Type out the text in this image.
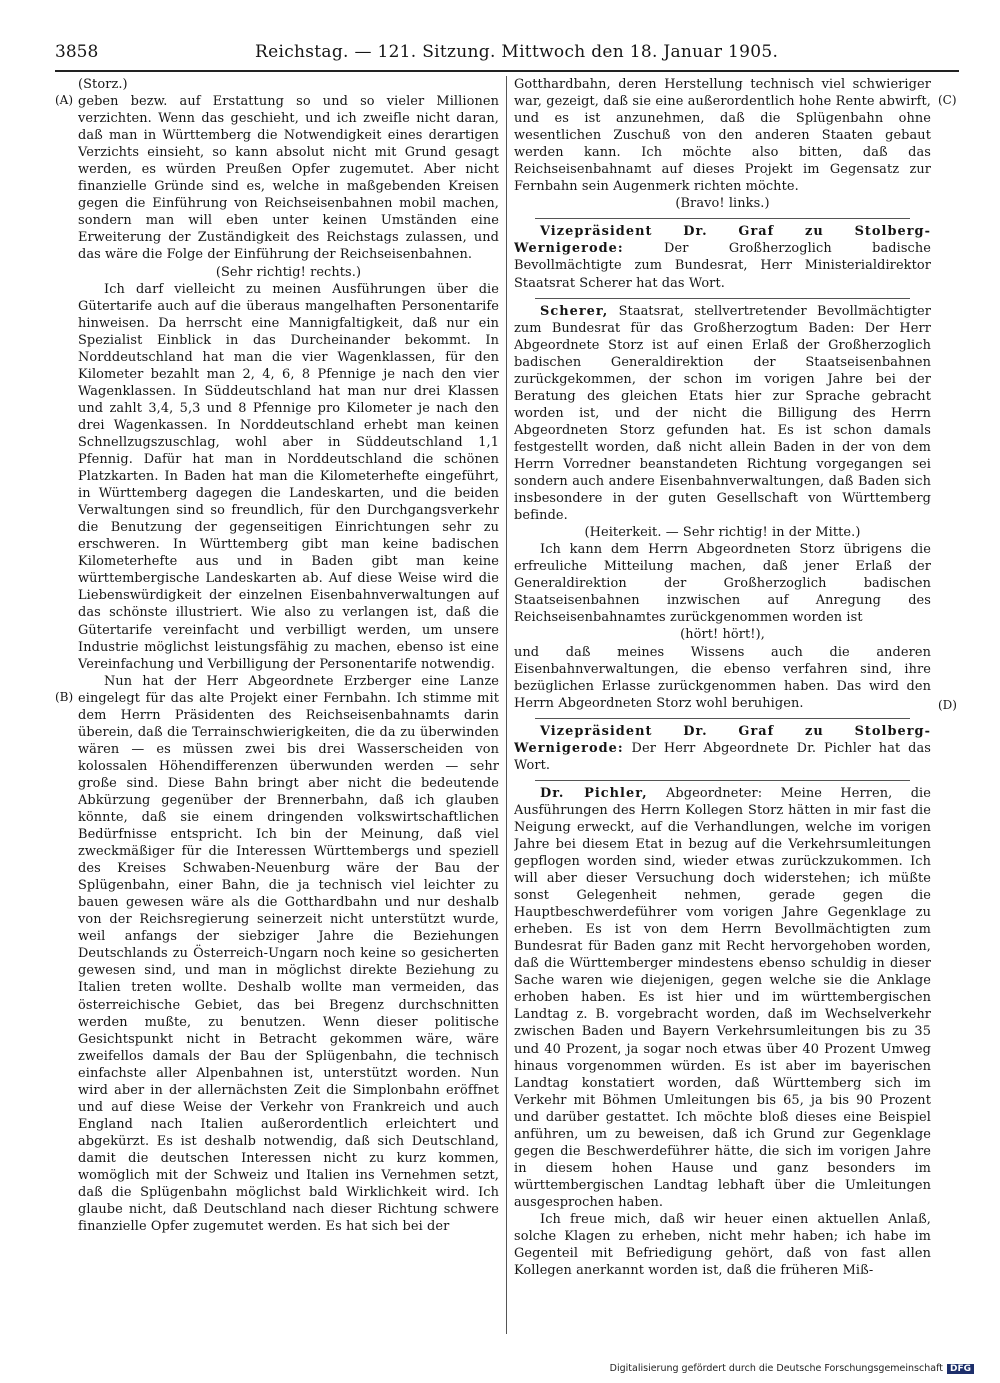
3858	Reichstag. — 121. Sitzung. Mittwoch den 18. Januar 1905.
(A)
(B)
(C)
(D)

(Storz.)

geben bezw. auf Erstattung so und so vieler Millionen verzichten. Wenn das geschieht, und ich zweifle nicht daran, daß man in Württemberg die Notwendigkeit eines derartigen Verzichts einsieht, so kann absolut nicht mit Grund gesagt werden, es würden Preußen Opfer zugemutet. Aber nicht finanzielle Gründe sind es, welche in maßgebenden Kreisen gegen die Einführung von Reichseisenbahnen mobil machen, sondern man will eben unter keinen Umständen eine Erweiterung der Zuständigkeit des Reichstags zulassen, und das wäre die Folge der Einführung der Reichseisenbahnen.

(Sehr richtig! rechts.)

Ich darf vielleicht zu meinen Ausführungen über die Gütertarife auch auf die überaus mangelhaften Personentarife hinweisen. Da herrscht eine Mannigfaltigkeit, daß nur ein Spezialist Einblick in das Durcheinander bekommt. In Norddeutschland hat man die vier Wagenklassen, für den Kilometer bezahlt man 2, 4, 6, 8 Pfennige je nach den vier Wagenklassen. In Süddeutschland hat man nur drei Klassen und zahlt 3,4, 5,3 und 8 Pfennige pro Kilometer je nach den drei Wagenkassen. In Norddeutschland erhebt man keinen Schnellzugszuschlag, wohl aber in Süddeutschland 1,1 Pfennig. Dafür hat man in Norddeutschland die schönen Platzkarten. In Baden hat man die Kilometerhefte eingeführt, in Württemberg dagegen die Landeskarten, und die beiden Verwaltungen sind so freundlich, für den Durchgangsverkehr die Benutzung der gegenseitigen Einrichtungen sehr zu erschweren. In Württemberg gibt man keine badischen Kilometerhefte aus und in Baden gibt man keine württembergische Landeskarten ab. Auf diese Weise wird die Liebenswürdigkeit der einzelnen Eisenbahnverwaltungen auf das schönste illustriert. Wie also zu verlangen ist, daß die Gütertarife vereinfacht und verbilligt werden, um unsere Industrie möglichst leistungsfähig zu machen, ebenso ist eine Vereinfachung und Verbilligung der Personentarife notwendig.

Nun hat der Herr Abgeordnete Erzberger eine Lanze eingelegt für das alte Projekt einer Fernbahn. Ich stimme mit dem Herrn Präsidenten des Reichseisenbahnamts darin überein, daß die Terrainschwierigkeiten, die da zu überwinden wären — es müssen zwei bis drei Wasserscheiden von kolossalen Höhendifferenzen überwunden werden — sehr große sind. Diese Bahn bringt aber nicht die bedeutende Abkürzung gegenüber der Brennerbahn, daß ich glauben könnte, daß sie einem dringenden volkswirtschaftlichen Bedürfnisse entspricht. Ich bin der Meinung, daß viel zweckmäßiger für die Interessen Württembergs und speziell des Kreises Schwaben-Neuenburg wäre der Bau der Splügenbahn, einer Bahn, die ja technisch viel leichter zu bauen gewesen wäre als die Gotthardbahn und nur deshalb von der Reichsregierung seinerzeit nicht unterstützt wurde, weil anfangs der siebziger Jahre die Beziehungen Deutschlands zu Österreich-Ungarn noch keine so gesicherten gewesen sind, und man in möglichst direkte Beziehung zu Italien treten wollte. Deshalb wollte man vermeiden, das österreichische Gebiet, das bei Bregenz durchschnitten werden mußte, zu benutzen. Wenn dieser politische Gesichtspunkt nicht in Betracht gekommen wäre, wäre zweifellos damals der Bau der Splügenbahn, die technisch einfachste aller Alpenbahnen ist, unterstützt worden. Nun wird aber in der allernächsten Zeit die Simplonbahn eröffnet und auf diese Weise der Verkehr von Frankreich und auch England nach Italien außerordentlich erleichtert und abgekürzt. Es ist deshalb notwendig, daß sich Deutschland, damit die deutschen Interessen nicht zu kurz kommen, womöglich mit der Schweiz und Italien ins Vernehmen setzt, daß die Splügenbahn möglichst bald Wirklichkeit wird. Ich glaube nicht, daß Deutschland nach dieser Richtung schwere finanzielle Opfer zugemutet werden. Es hat sich bei der

Gotthardbahn, deren Herstellung technisch viel schwieriger war, gezeigt, daß sie eine außerordentlich hohe Rente abwirft, und es ist anzunehmen, daß die Splügenbahn ohne wesentlichen Zuschuß von den anderen Staaten gebaut werden kann. Ich möchte also bitten, daß das Reichseisenbahnamt auf dieses Projekt im Gegensatz zur Fernbahn sein Augenmerk richten möchte.

(Bravo! links.)

Vizepräsident Dr. Graf zu Stolberg-Wernigerode:	Der Großherzoglich badische Bevollmächtigte zum Bundesrat, Herr Ministerialdirektor Staatsrat Scherer hat das Wort.

Scherer, Staatsrat, stellvertretender Bevollmächtigter zum Bundesrat für das Großherzogtum Baden: Der Herr Abgeordnete Storz ist auf einen Erlaß der Großherzoglich badischen Generaldirektion der Staatseisenbahnen zurückgekommen, der schon im vorigen Jahre bei der Beratung des gleichen Etats hier zur Sprache gebracht worden ist, und der nicht die Billigung des Herrn Abgeordneten Storz gefunden hat. Es ist schon damals festgestellt worden, daß nicht allein Baden in der von dem Herrn Vorredner beanstandeten Richtung vorgegangen sei sondern auch andere Eisenbahnverwaltungen, daß Baden sich insbesondere in der guten Gesellschaft von Württemberg befinde.

(Heiterkeit. — Sehr richtig! in der Mitte.)

Ich kann dem Herrn Abgeordneten Storz übrigens die erfreuliche Mitteilung machen, daß jener Erlaß der Generaldirektion der Großherzoglich badischen Staatseisenbahnen inzwischen auf Anregung des Reichseisenbahnamtes zurückgenommen worden ist

(hört! hört!),

und daß meines Wissens auch die anderen Eisenbahnverwaltungen, die ebenso verfahren sind, ihre bezüglichen Erlasse zurückgenommen haben. Das wird den Herrn Abgeordneten Storz wohl beruhigen.

Vizepräsident Dr. Graf zu Stolberg-Wernigerode: Der Herr Abgeordnete Dr. Pichler hat das Wort.

Dr. Pichler, Abgeordneter: Meine Herren, die Ausführungen des Herrn Kollegen Storz hätten in mir fast die Neigung erweckt, auf die Verhandlungen, welche im vorigen Jahre bei diesem Etat in bezug auf die Verkehrsumleitungen gepflogen worden sind, wieder etwas zurückzukommen. Ich will aber dieser Versuchung doch widerstehen; ich müßte sonst Gelegenheit nehmen, gerade gegen die Hauptbeschwerdeführer vom vorigen Jahre Gegenklage zu erheben. Es ist von dem Herrn Bevollmächtigten zum Bundesrat für Baden ganz mit Recht hervorgehoben worden, daß die Württemberger mindestens ebenso schuldig in dieser Sache waren wie diejenigen, gegen welche sie die Anklage erhoben haben. Es ist hier und im württembergischen Landtag z. B. vorgebracht worden, daß im Wechselverkehr zwischen Baden und Bayern Verkehrsumleitungen bis zu 35 und 40 Prozent, ja sogar noch etwas über 40 Prozent Umweg hinaus vorgenommen würden. Es ist aber im bayerischen Landtag konstatiert worden, daß Württemberg sich im Verkehr mit Böhmen Umleitungen bis 65, ja bis 90 Prozent und darüber gestattet. Ich möchte bloß dieses eine Beispiel anführen, um zu beweisen, daß ich Grund zur Gegenklage gegen die Beschwerdeführer hätte, die sich im vorigen Jahre in diesem hohen Hause und ganz besonders im württembergischen Landtag lebhaft über die Umleitungen ausgesprochen haben.

Ich freue mich, daß wir heuer einen aktuellen Anlaß, solche Klagen zu erheben, nicht mehr haben; ich habe im Gegenteil mit Befriedigung gehört, daß von fast allen Kollegen anerkannt worden ist, daß die früheren Miß-

Digitalisierung gefördert durch die Deutsche Forschungsgemeinschaft DFG
